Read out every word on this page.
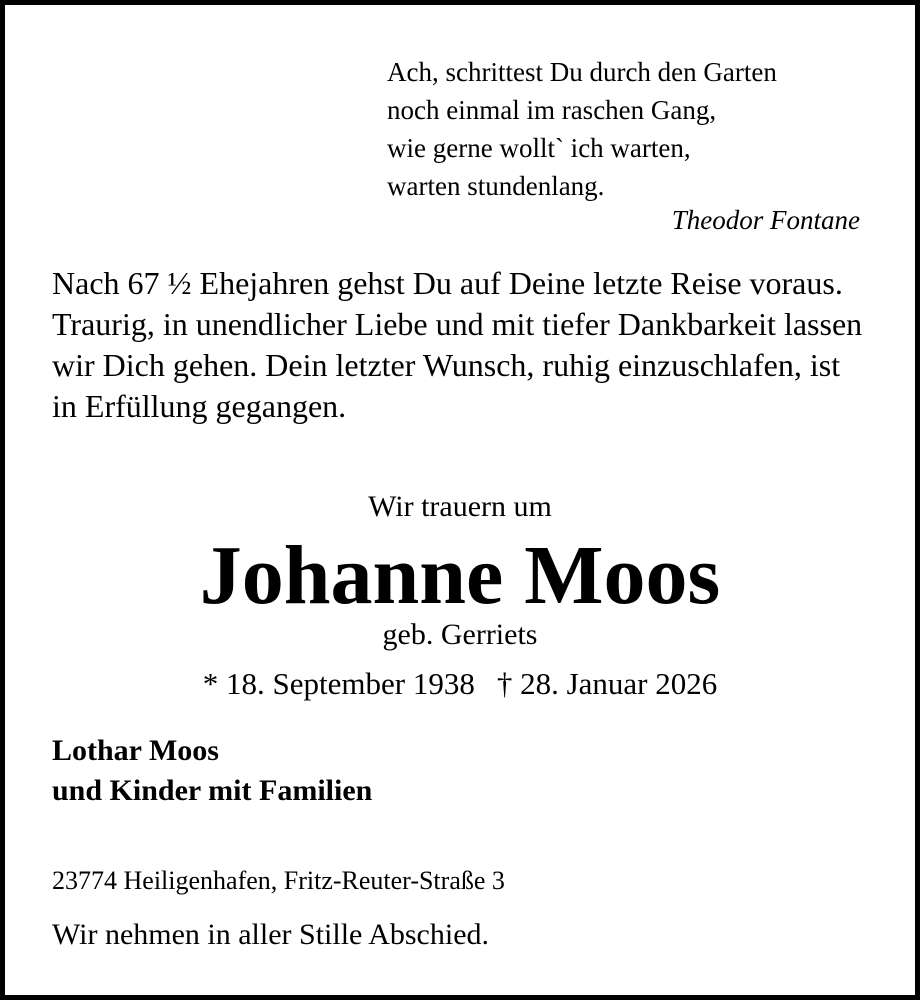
Ach, schrittest Du durch den Garten
noch einmal im raschen Gang,
wie gerne wollt` ich warten,
warten stundenlang.
Theodor Fontane

Nach 67 ½ Ehejahren gehst Du auf Deine letzte Reise voraus.

Traurig, in unendlicher Liebe und mit tiefer Dankbarkeit lassen wir Dich gehen. Dein letzter Wunsch, ruhig einzuschlafen, ist in Erfüllung gegangen.

Wir trauern um
Johanne Moos
geb. Gerriets
* 18. September 1938 † 28. Januar 2026
Lothar Moos
und Kinder mit Familien
23774 Heiligenhafen, Fritz-Reuter-Straße 3
Wir nehmen in aller Stille Abschied.
